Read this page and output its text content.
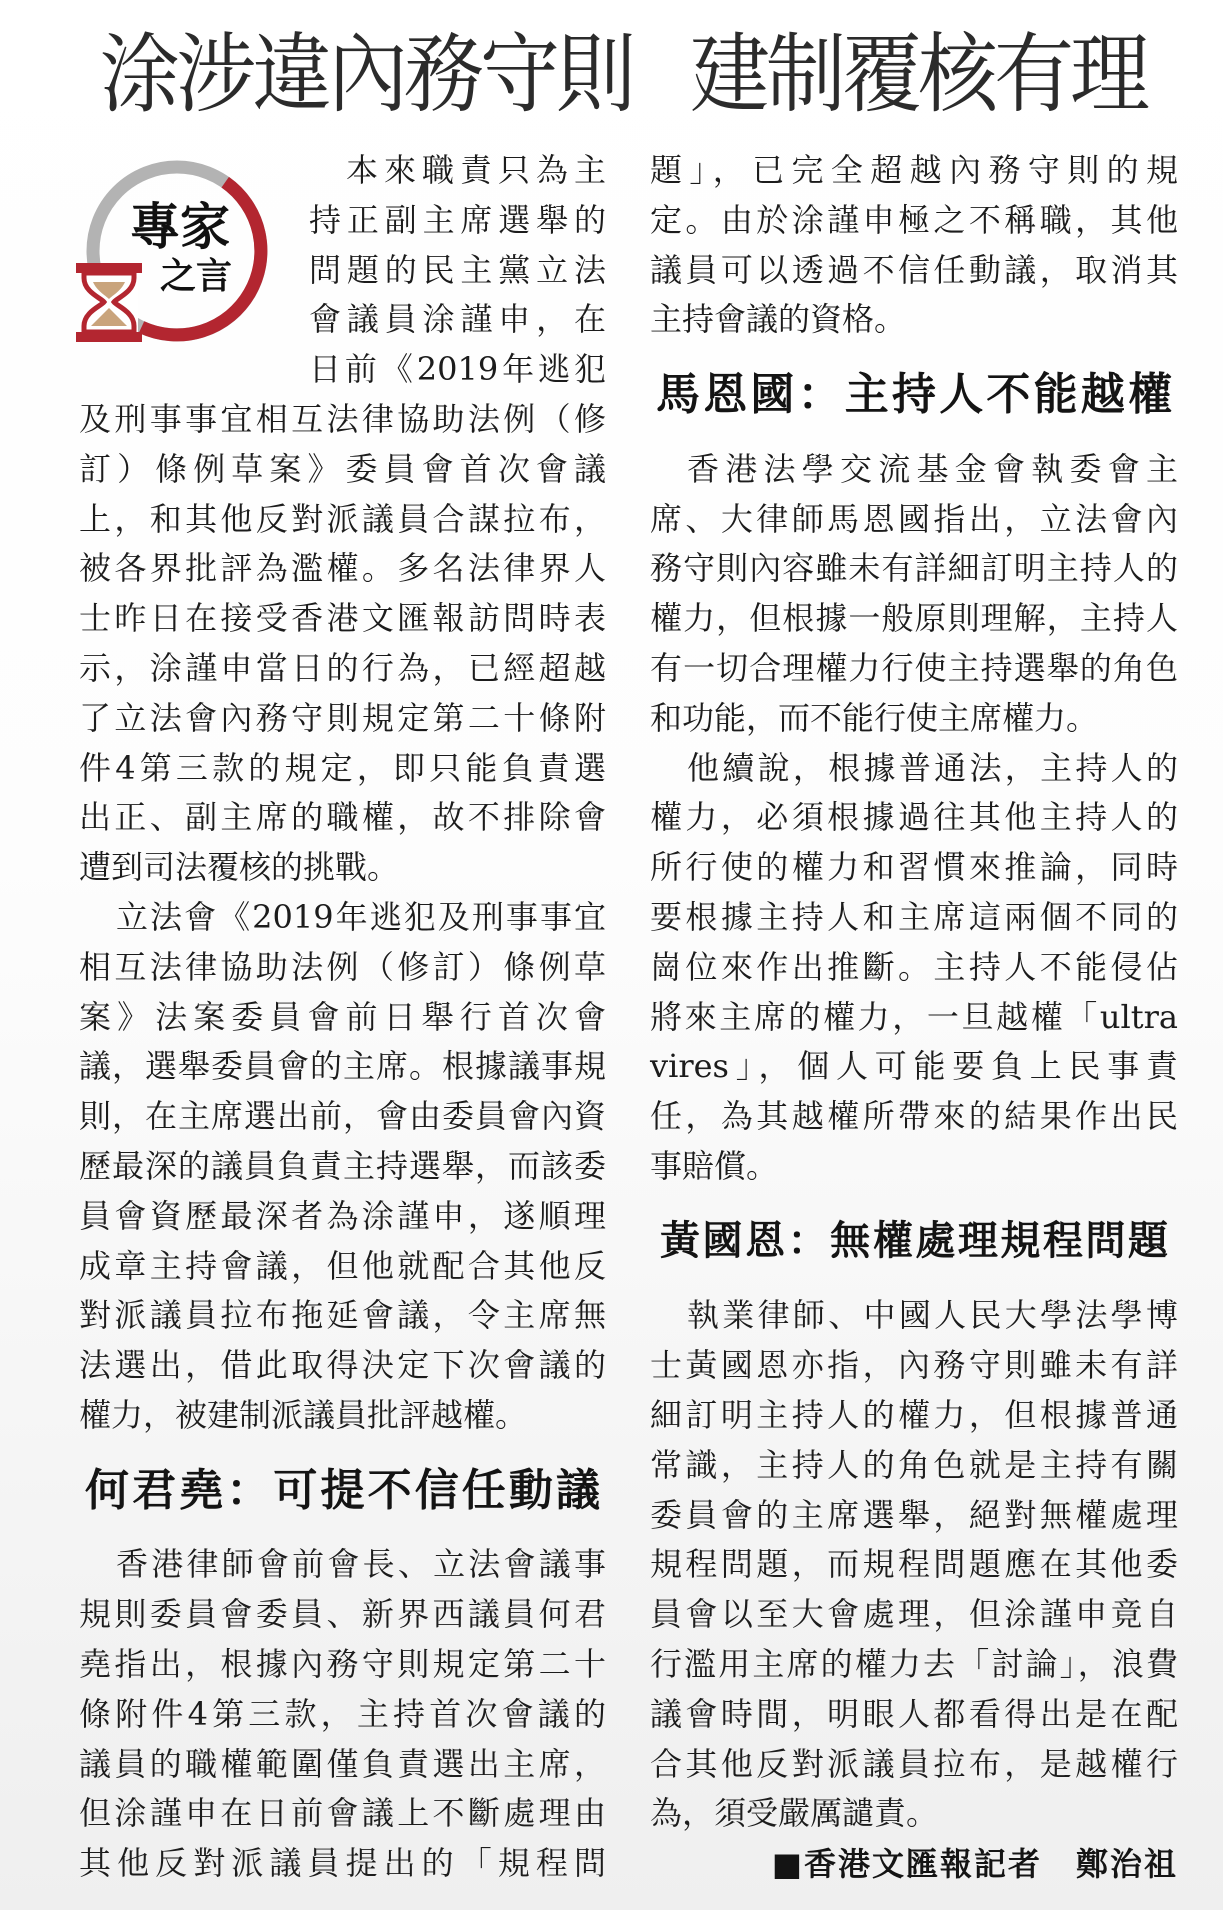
涂涉違內務守則 建制覆核有理
專家
之言
本來職責只為主
持正副主席選舉的
問題的民主黨立法
會議員涂謹申，在
日前《2019年逃犯
及刑事事宜相互法律協助法例（修
訂）條例草案》委員會首次會議
上，和其他反對派議員合謀拉布，
被各界批評為濫權。多名法律界人
士昨日在接受香港文匯報訪問時表
示，涂謹申當日的行為，已經超越
了立法會內務守則規定第二十條附
件4第三款的規定，即只能負責選
出正、副主席的職權，故不排除會
遭到司法覆核的挑戰。
立法會《2019年逃犯及刑事事宜
相互法律協助法例（修訂）條例草
案》法案委員會前日舉行首次會
議，選舉委員會的主席。根據議事規
則，在主席選出前，會由委員會內資
歷最深的議員負責主持選舉，而該委
員會資歷最深者為涂謹申，遂順理
成章主持會議，但他就配合其他反
對派議員拉布拖延會議，令主席無
法選出，借此取得決定下次會議的
權力，被建制派議員批評越權。
何君堯：可提不信任動議
香港律師會前會長、立法會議事
規則委員會委員、新界西議員何君
堯指出，根據內務守則規定第二十
條附件4第三款，主持首次會議的
議員的職權範圍僅負責選出主席，
但涂謹申在日前會議上不斷處理由
其他反對派議員提出的「規程問
題」，已完全超越內務守則的規
定。由於涂謹申極之不稱職，其他
議員可以透過不信任動議，取消其
主持會議的資格。
馬恩國：主持人不能越權
香港法學交流基金會執委會主
席、大律師馬恩國指出，立法會內
務守則內容雖未有詳細訂明主持人的
權力，但根據一般原則理解，主持人
有一切合理權力行使主持選舉的角色
和功能，而不能行使主席權力。
他續說，根據普通法，主持人的
權力，必須根據過往其他主持人的
所行使的權力和習慣來推論，同時
要根據主持人和主席這兩個不同的
崗位來作出推斷。主持人不能侵佔
將來主席的權力，一旦越權「ultra
vires」，個人可能要負上民事責
任，為其越權所帶來的結果作出民
事賠償。
黃國恩：無權處理規程問題
執業律師、中國人民大學法學博
士黃國恩亦指，內務守則雖未有詳
細訂明主持人的權力，但根據普通
常識，主持人的角色就是主持有關
委員會的主席選舉，絕對無權處理
規程問題，而規程問題應在其他委
員會以至大會處理，但涂謹申竟自
行濫用主席的權力去「討論」，浪費
議會時間，明眼人都看得出是在配
合其他反對派議員拉布，是越權行
為，須受嚴厲譴責。
■香港文匯報記者　鄭治祖
